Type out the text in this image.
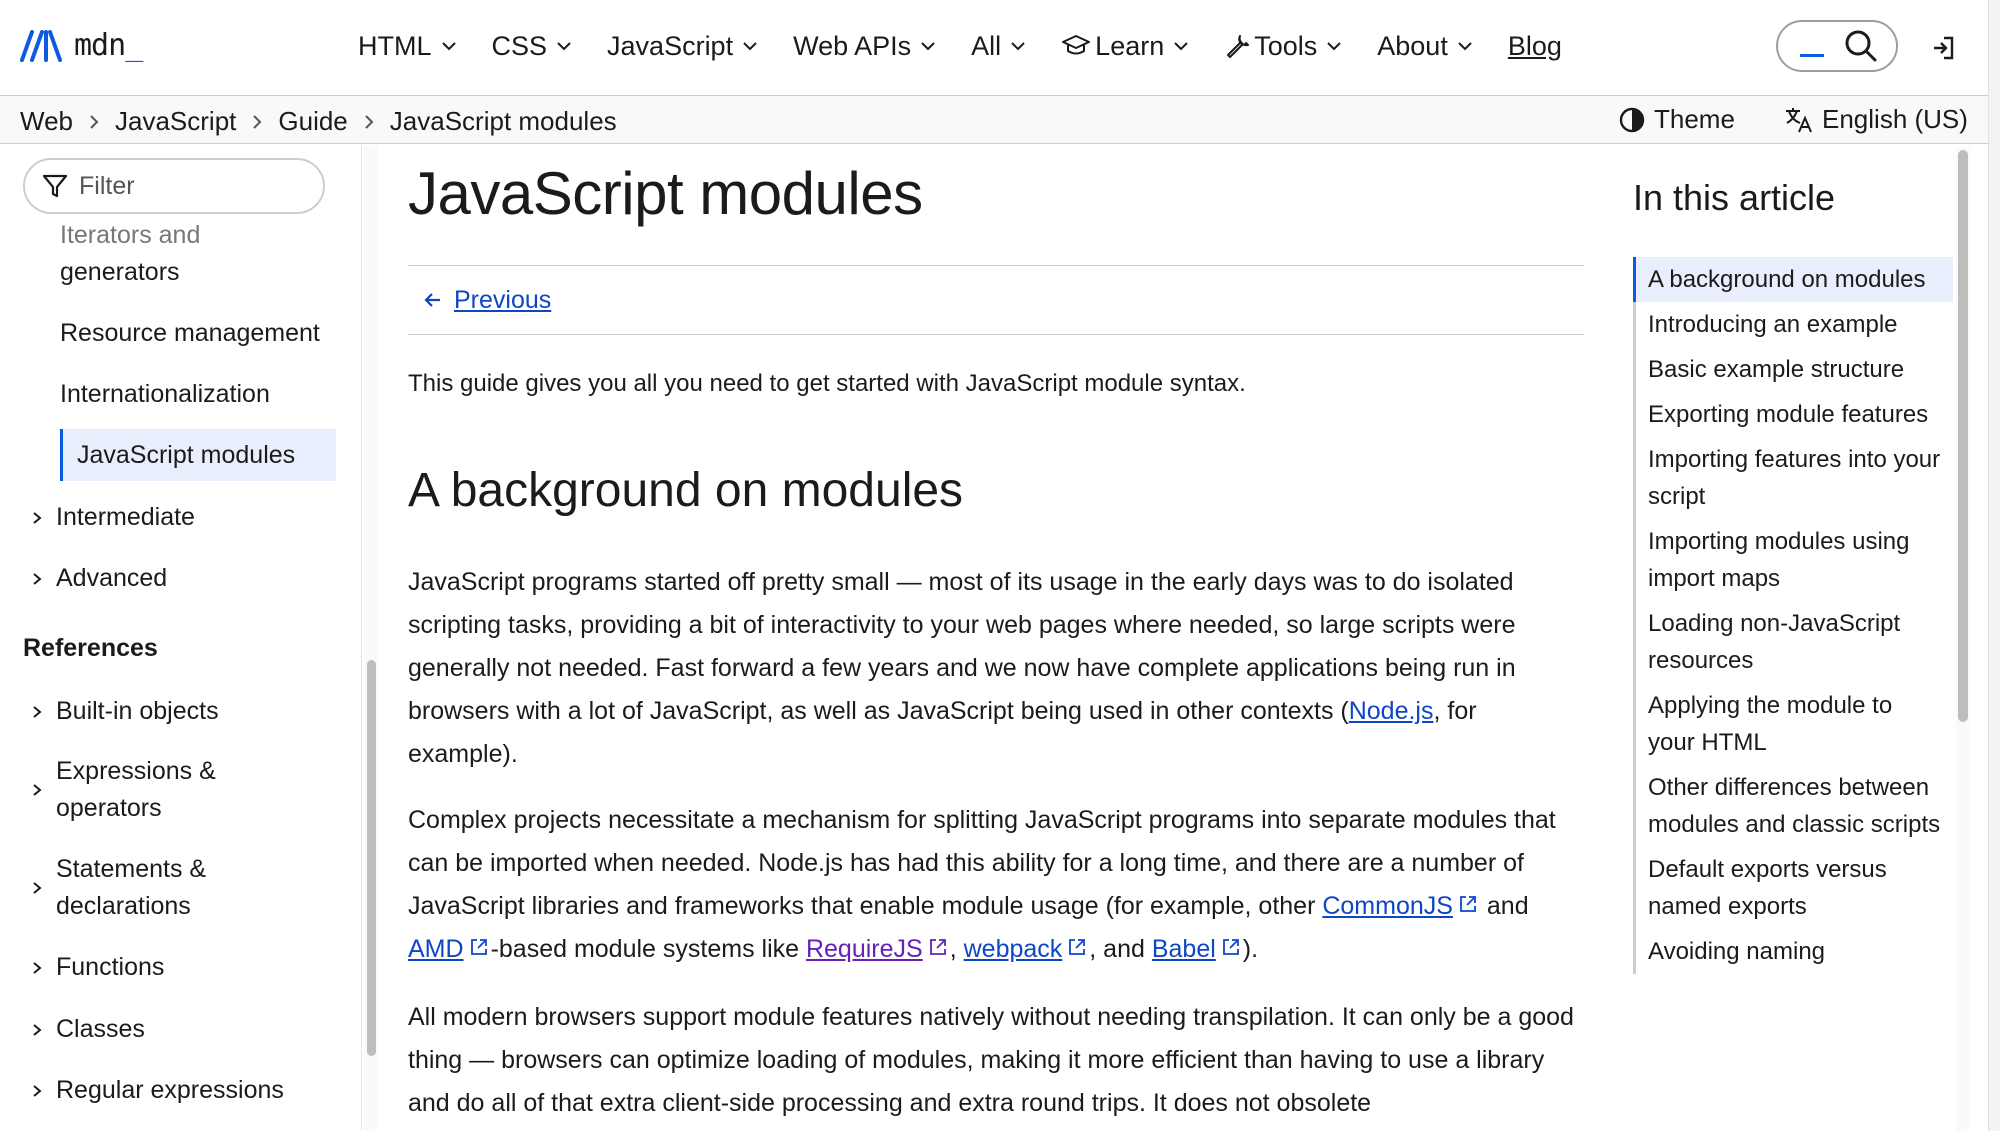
mdn_	HTML CSS JavaScript Web APIs All	Learn	Tools About Blog
Web JavaScript Guide JavaScript modules	Theme	English (US)
Filter
Iterators and
generators
Resource management
Internationalization
JavaScript modules
Intermediate
Advanced
References
Built-in objects
Expressions &
operators
Statements &
declarations
Functions
Classes
Regular expressions
JavaScript modules
Previous

This guide gives you all you need to get started with JavaScript module syntax.

A background on modules

JavaScript programs started off pretty small — most of its usage in the early days was to do isolated scripting tasks, providing a bit of interactivity to your web pages where needed, so large scripts were generally not needed. Fast forward a few years and we now have complete applications being run in browsers with a lot of JavaScript, as well as JavaScript being used in other contexts (Node.js, for example).

Complex projects necessitate a mechanism for splitting JavaScript programs into separate modules that can be imported when needed. Node.js has had this ability for a long time, and there are a number of JavaScript libraries and frameworks that enable module usage (for example, other CommonJS
and AMD -based module systems like RequireJS , webpack , and Babel ).

All modern browsers support module features natively without needing transpilation. It can only be a good thing — browsers can optimize loading of modules, making it more efficient than having to use a library and do all of that extra client-side processing and extra round trips. It does not obsolete

In this article
A background on modules
Introducing an example
Basic example structure
Exporting module features
Importing features into your script
Importing modules using import maps
Loading non-JavaScript resources
Applying the module to your HTML
Other differences between modules and classic scripts
Default exports versus named exports
Avoiding naming
